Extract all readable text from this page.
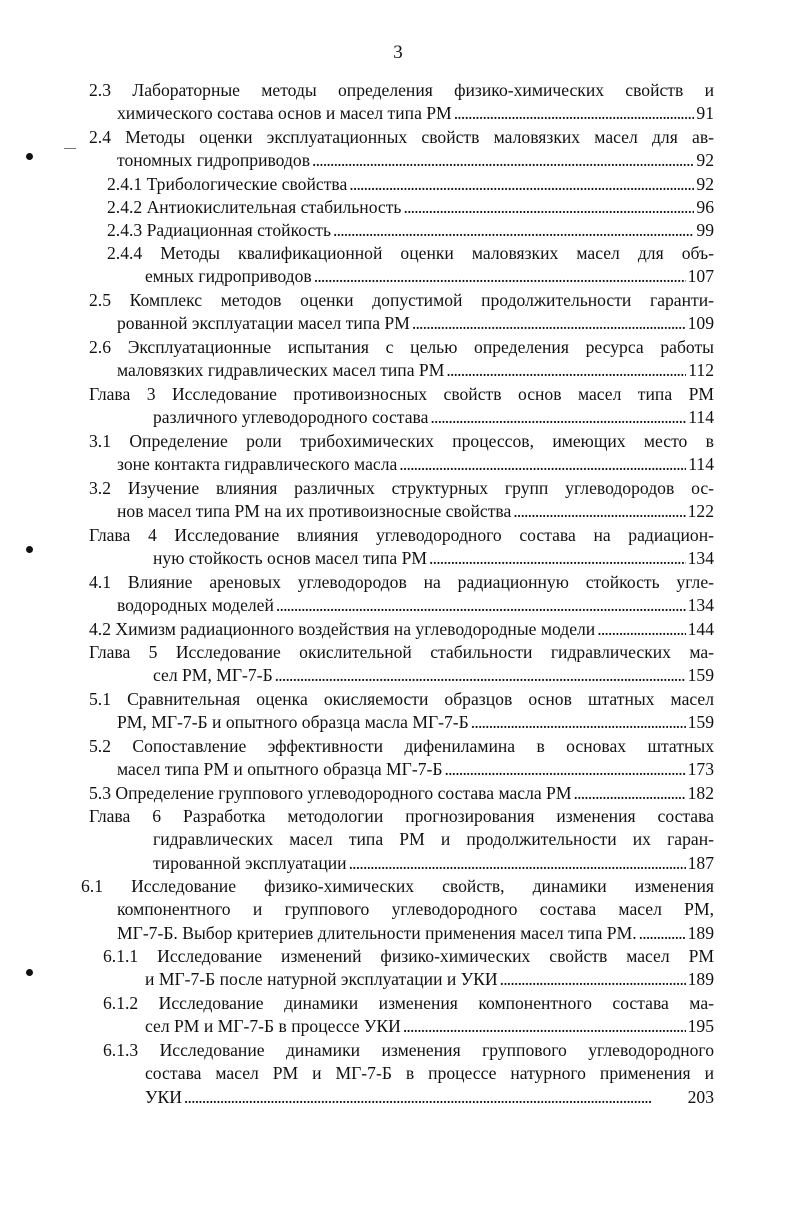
3
2.3 Лабораторные методы определения физико-химических свойств и
химического состава основ и масел типа РМ . . .	91
2.4 Методы оценки эксплуатационных свойств маловязких масел для ав-
тономных гидроприводов . . .	92
2.4.1 Трибологические свойства . . .	92
2.4.2 Антиокислительная стабильность . . .	96
2.4.3 Радиационная стойкость . . .	99
2.4.4 Методы квалификационной оценки маловязких масел для объ-
емных гидроприводов . . .	107
2.5 Комплекс методов оценки допустимой продолжительности гаранти-
рованной эксплуатации масел типа РМ . . .	109
2.6 Эксплуатационные испытания с целью определения ресурса работы
маловязких гидравлических масел типа РМ . . .	112
Глава 3 Исследование противоизносных свойств основ масел типа РМ
различного углеводородного состава . . .	114
3.1 Определение роли трибохимических процессов, имеющих место в
зоне контакта гидравлического масла . . .	114
3.2 Изучение влияния различных структурных групп углеводородов ос-
нов масел типа РМ на их противоизносные свойства . . .	122
Глава 4 Исследование влияния углеводородного состава на радиацион-
ную стойкость основ масел типа РМ . . .	134
4.1 Влияние ареновых углеводородов на радиационную стойкость угле-
водородных моделей . . .	134
4.2 Химизм радиационного воздействия на углеводородные модели . . .	144
Глава 5 Исследование окислительной стабильности гидравлических ма-
сел РМ, МГ-7-Б . . .	159
5.1 Сравнительная оценка окисляемости образцов основ штатных масел
РМ, МГ-7-Б и опытного образца масла МГ-7-Б . . .	159
5.2 Сопоставление эффективности дифениламина в основах штатных
масел типа РМ и опытного образца МГ-7-Б . . .	173
5.3 Определение группового углеводородного состава масла РМ . . .	182
Глава 6 Разработка методологии прогнозирования изменения состава
гидравлических масел типа РМ и продолжительности их гаран-
тированной эксплуатации . . .	187
6.1 Исследование физико-химических свойств, динамики изменения
компонентного и группового углеводородного состава масел РМ,
МГ-7-Б. Выбор критериев длительности применения масел типа РМ. . . .	189
6.1.1 Исследование изменений физико-химических свойств масел РМ
и МГ-7-Б после натурной эксплуатации и УКИ . . .	189
6.1.2 Исследование динамики изменения компонентного состава ма-
сел РМ и МГ-7-Б в процессе УКИ . . .	195
6.1.3 Исследование динамики изменения группового углеводородного
состава масел РМ и МГ-7-Б в процессе натурного применения и
УКИ . . .	203
